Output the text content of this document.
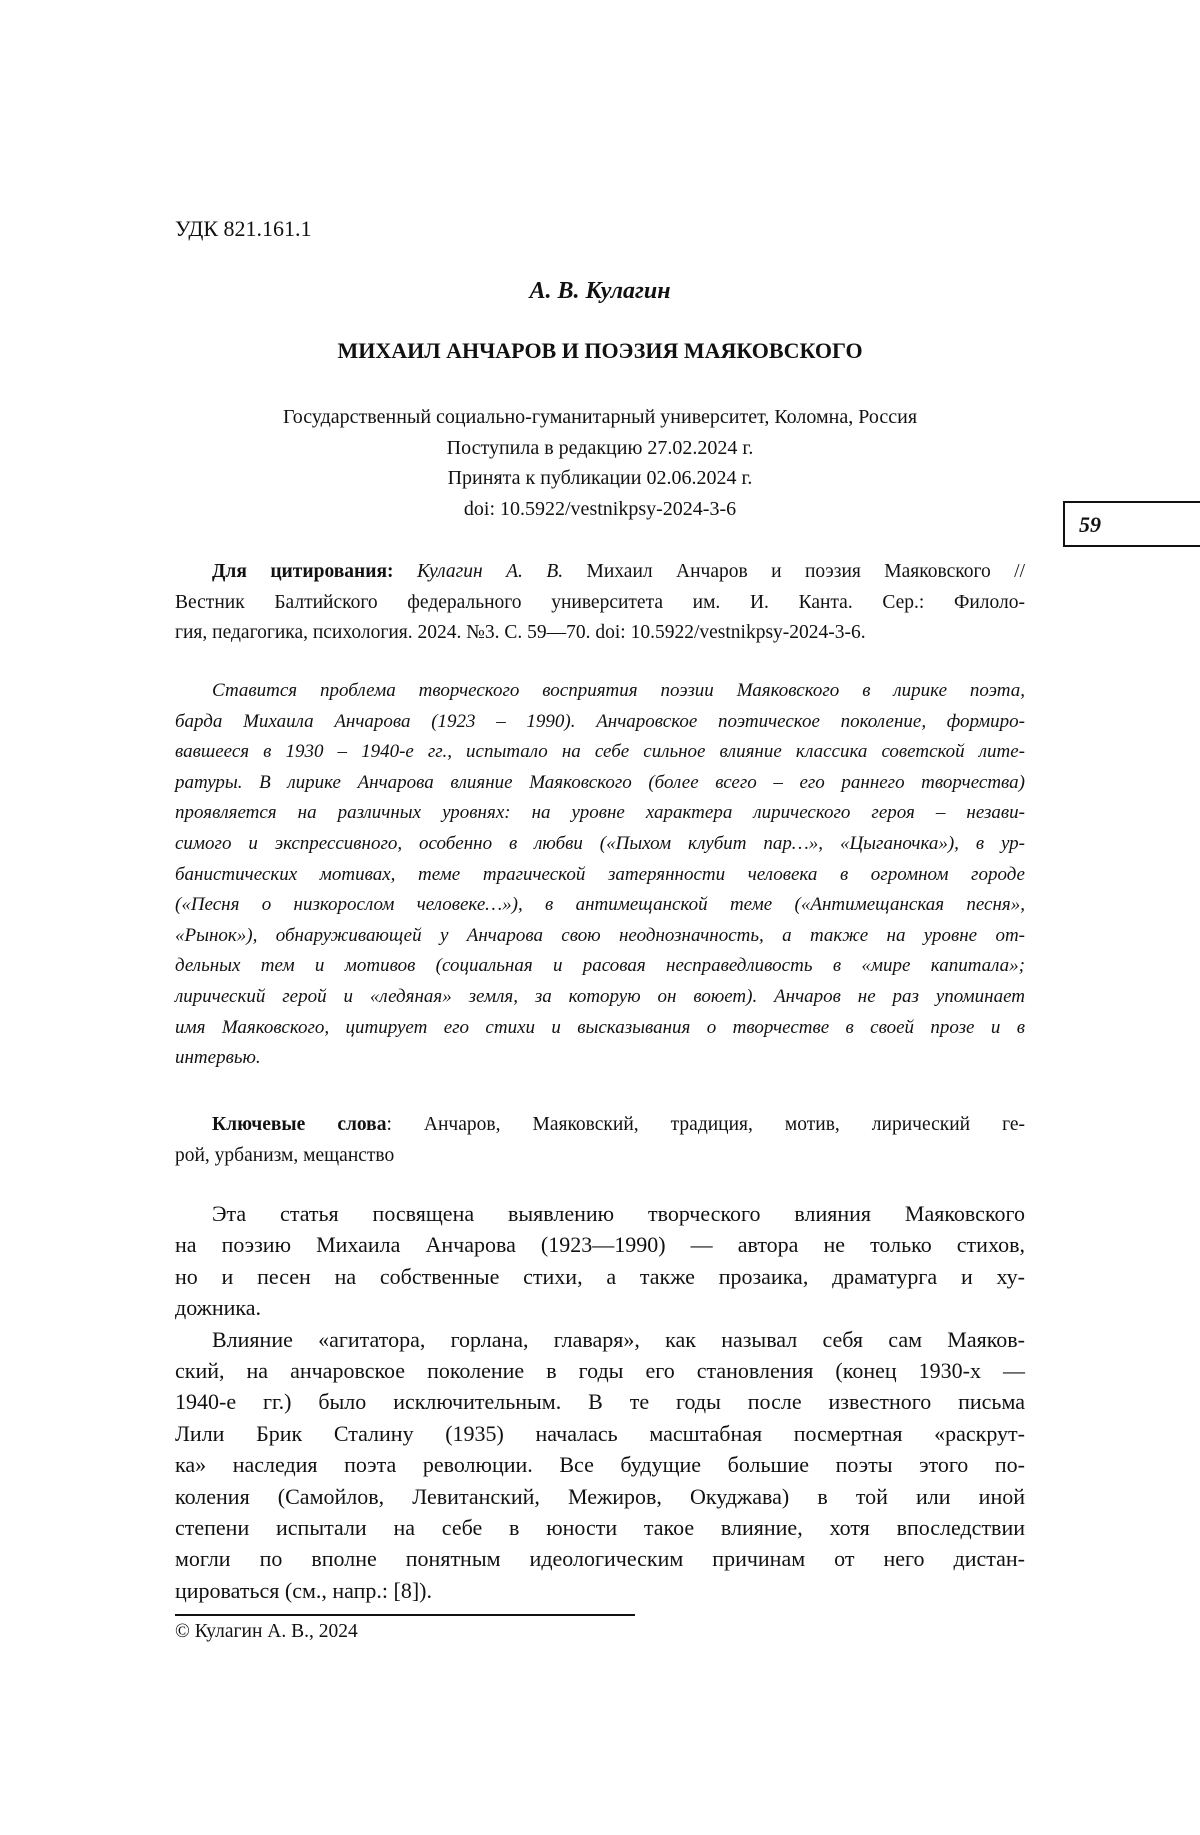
УДК 821.161.1
А. В. Кулагин
МИХАИЛ АНЧАРОВ И ПОЭЗИЯ МАЯКОВСКОГО
Государственный социально-гуманитарный университет, Коломна, Россия
Поступила в редакцию 27.02.2024 г.
Принята к публикации 02.06.2024 г.
doi: 10.5922/vestnikpsy-2024-3-6
59
Для цитирования: Кулагин А. В. Михаил Анчаров и поэзия Маяковского //
Вестник Балтийского федерального университета им. И. Канта. Сер.: Филоло-
гия, педагогика, психология. 2024. №3. С. 59—70. doi: 10.5922/vestnikpsy-2024-3-6.
Ставится проблема творческого восприятия поэзии Маяковского в лирике поэта,
барда Михаила Анчарова (1923 – 1990). Анчаровское поэтическое поколение, формиро-
вавшееся в 1930 – 1940-е гг., испытало на себе сильное влияние классика советской лите-
ратуры. В лирике Анчарова влияние Маяковского (более всего – его раннего творчества)
проявляется на различных уровнях: на уровне характера лирического героя – незави-
симого и экспрессивного, особенно в любви («Пыхом клубит пар…», «Цыганочка»), в ур-
банистических мотивах, теме трагической затерянности человека в огромном городе
(«Песня о низкорослом человеке…»), в антимещанской теме («Антимещанская песня»,
«Рынок»), обнаруживающей у Анчарова свою неоднозначность, а также на уровне от-
дельных тем и мотивов (социальная и расовая несправедливость в «мире капитала»;
лирический герой и «ледяная» земля, за которую он воюет). Анчаров не раз упоминает
имя Маяковского, цитирует его стихи и высказывания о творчестве в своей прозе и в
интервью.
Ключевые слова: Анчаров, Маяковский, традиция, мотив, лирический ге-
рой, урбанизм, мещанство
Эта статья посвящена выявлению творческого влияния Маяковского
на поэзию Михаила Анчарова (1923—1990) — автора не только стихов,
но и песен на собственные стихи, а также прозаика, драматурга и ху-
дожника.
Влияние «агитатора, горлана, главаря», как называл себя сам Маяков-
ский, на анчаровское поколение в годы его становления (конец 1930-х —
1940-е гг.) было исключительным. В те годы после известного письма
Лили Брик Сталину (1935) началась масштабная посмертная «раскрут-
ка» наследия поэта революции. Все будущие большие поэты этого по-
коления (Самойлов, Левитанский, Межиров, Окуджава) в той или иной
степени испытали на себе в юности такое влияние, хотя впоследствии
могли по вполне понятным идеологическим причинам от него дистан-
цироваться (см., напр.: [8]).
© Кулагин А. В., 2024
